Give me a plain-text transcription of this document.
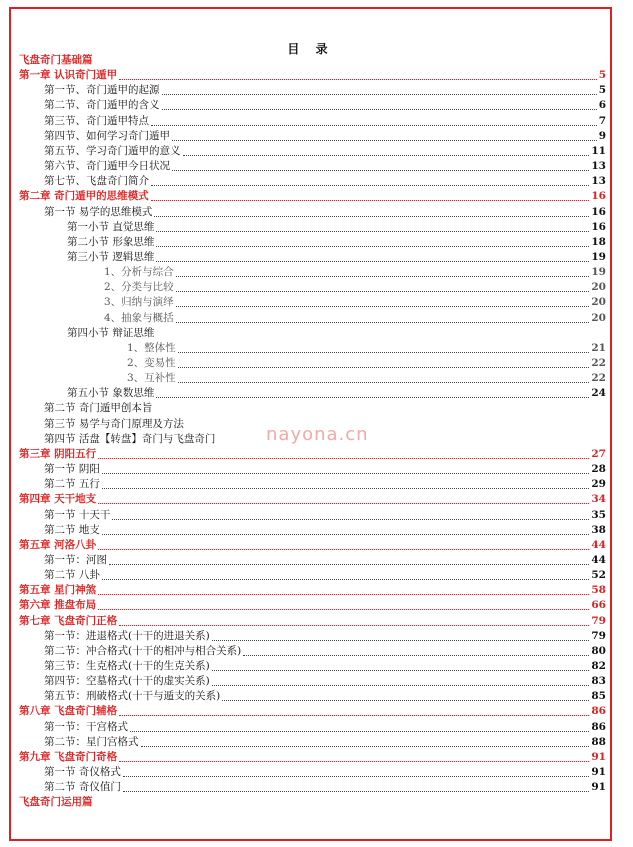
目 录
nayona.cn
飞盘奇门基础篇
第一章 认识奇门遁甲	5
第一节、奇门遁甲的起源	5
第二节、奇门遁甲的含义	6
第三节、奇门遁甲特点	7
第四节、如何学习奇门遁甲	9
第五节、学习奇门遁甲的意义	11
第六节、奇门遁甲今日状况	13
第七节、飞盘奇门简介	13
第二章 奇门遁甲的思维模式	16
第一节 易学的思维模式	16
第一小节 直觉思维	16
第二小节 形象思维	18
第三小节 逻辑思维	19
1、分析与综合	19
2、分类与比较	20
3、归纳与演绎	20
4、抽象与概括	20
第四小节 辩证思维
1、整体性	21
2、变易性	22
3、互补性	22
第五小节 象数思维	24
第二节 奇门遁甲创本旨
第三节 易学与奇门原理及方法
第四节 活盘【转盘】奇门与飞盘奇门
第三章 阴阳五行	27
第一节 阴阳	28
第二节 五行	29
第四章 天干地支	34
第一节 十天干	35
第二节 地支	38
第五章 河洛八卦	44
第一节：河图	44
第二节 八卦	52
第五章 星门神煞	58
第六章 推盘布局	66
第七章 飞盘奇门正格	79
第一节：进退格式(十干的进退关系)	79
第二节：冲合格式(十干的相冲与相合关系)	80
第三节：生克格式(十干的生克关系)	82
第四节：空墓格式(十干的虚实关系)	83
第五节：刑破格式(十干与遁支的关系)	85
第八章 飞盘奇门辅格	86
第一节：干宫格式	86
第二节：星门宫格式	88
第九章 飞盘奇门奇格	91
第一节 奇仪格式	91
第二节 奇仪值门	91
飞盘奇门运用篇
